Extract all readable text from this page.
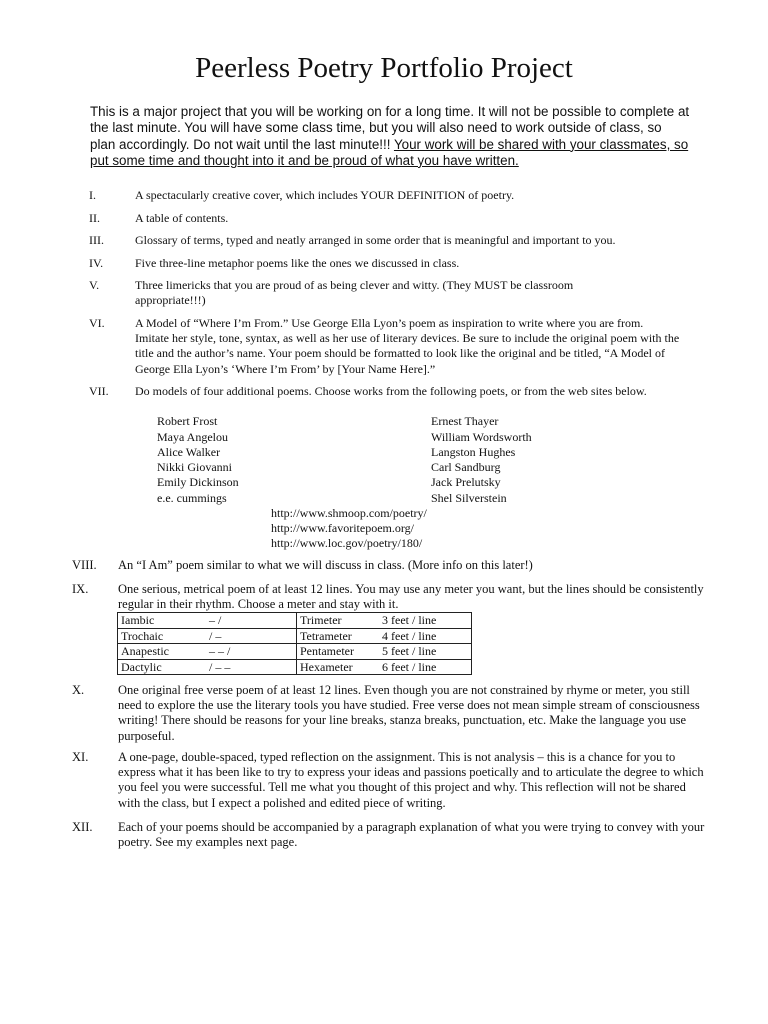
Peerless Poetry Portfolio Project
This is a major project that you will be working on for a long time. It will not be possible to complete at the last minute. You will have some class time, but you will also need to work outside of class, so plan accordingly. Do not wait until the last minute!!! Your work will be shared with your classmates, so put some time and thought into it and be proud of what you have written.
I.	A spectacularly creative cover, which includes YOUR DEFINITION of poetry.
II.	A table of contents.
III.	Glossary of terms, typed and neatly arranged in some order that is meaningful and important to you.
IV.	Five three-line metaphor poems like the ones we discussed in class.
V.	Three limericks that you are proud of as being clever and witty. (They MUST be classroom appropriate!!!)
VI.	A Model of “Where I’m From.” Use George Ella Lyon’s poem as inspiration to write where you are from. Imitate her style, tone, syntax, as well as her use of literary devices. Be sure to include the original poem with the title and the author’s name. Your poem should be formatted to look like the original and be titled, “A Model of George Ella Lyon’s ‘Where I’m From’ by [Your Name Here].”
VII. Do models of four additional poems. Choose works from the following poets, or from the web sites below.
Robert Frost
Maya Angelou
Alice Walker
Nikki Giovanni
Emily Dickinson
e.e. cummings
Ernest Thayer
William Wordsworth
Langston Hughes
Carl Sandburg
Jack Prelutsky
Shel Silverstein
http://www.shmoop.com/poetry/
http://www.favoritepoem.org/
http://www.loc.gov/poetry/180/
VIII. An “I Am” poem similar to what we will discuss in class. (More info on this later!)
IX. One serious, metrical poem of at least 12 lines. You may use any meter you want, but the lines should be consistently regular in their rhythm. Choose a meter and stay with it.
Iambic	– /	Trimeter	3 feet / line
Trochaic	/ –	Tetrameter	4 feet / line
Anapestic	– – /	Pentameter	5 feet / line
Dactylic	/ – –	Hexameter	6 feet / line
X.	One original free verse poem of at least 12 lines. Even though you are not constrained by rhyme or meter, you still need to explore the use the literary tools you have studied. Free verse does not mean simple stream of consciousness writing! There should be reasons for your line breaks, stanza breaks, punctuation, etc. Make the language you use purposeful.
XI. A one-page, double-spaced, typed reflection on the assignment. This is not analysis – this is a chance for you to express what it has been like to try to express your ideas and passions poetically and to articulate the degree to which you feel you were successful. Tell me what you thought of this project and why. This reflection will not be shared with the class, but I expect a polished and edited piece of writing.
XII. Each of your poems should be accompanied by a paragraph explanation of what you were trying to convey with your poetry. See my examples next page.
